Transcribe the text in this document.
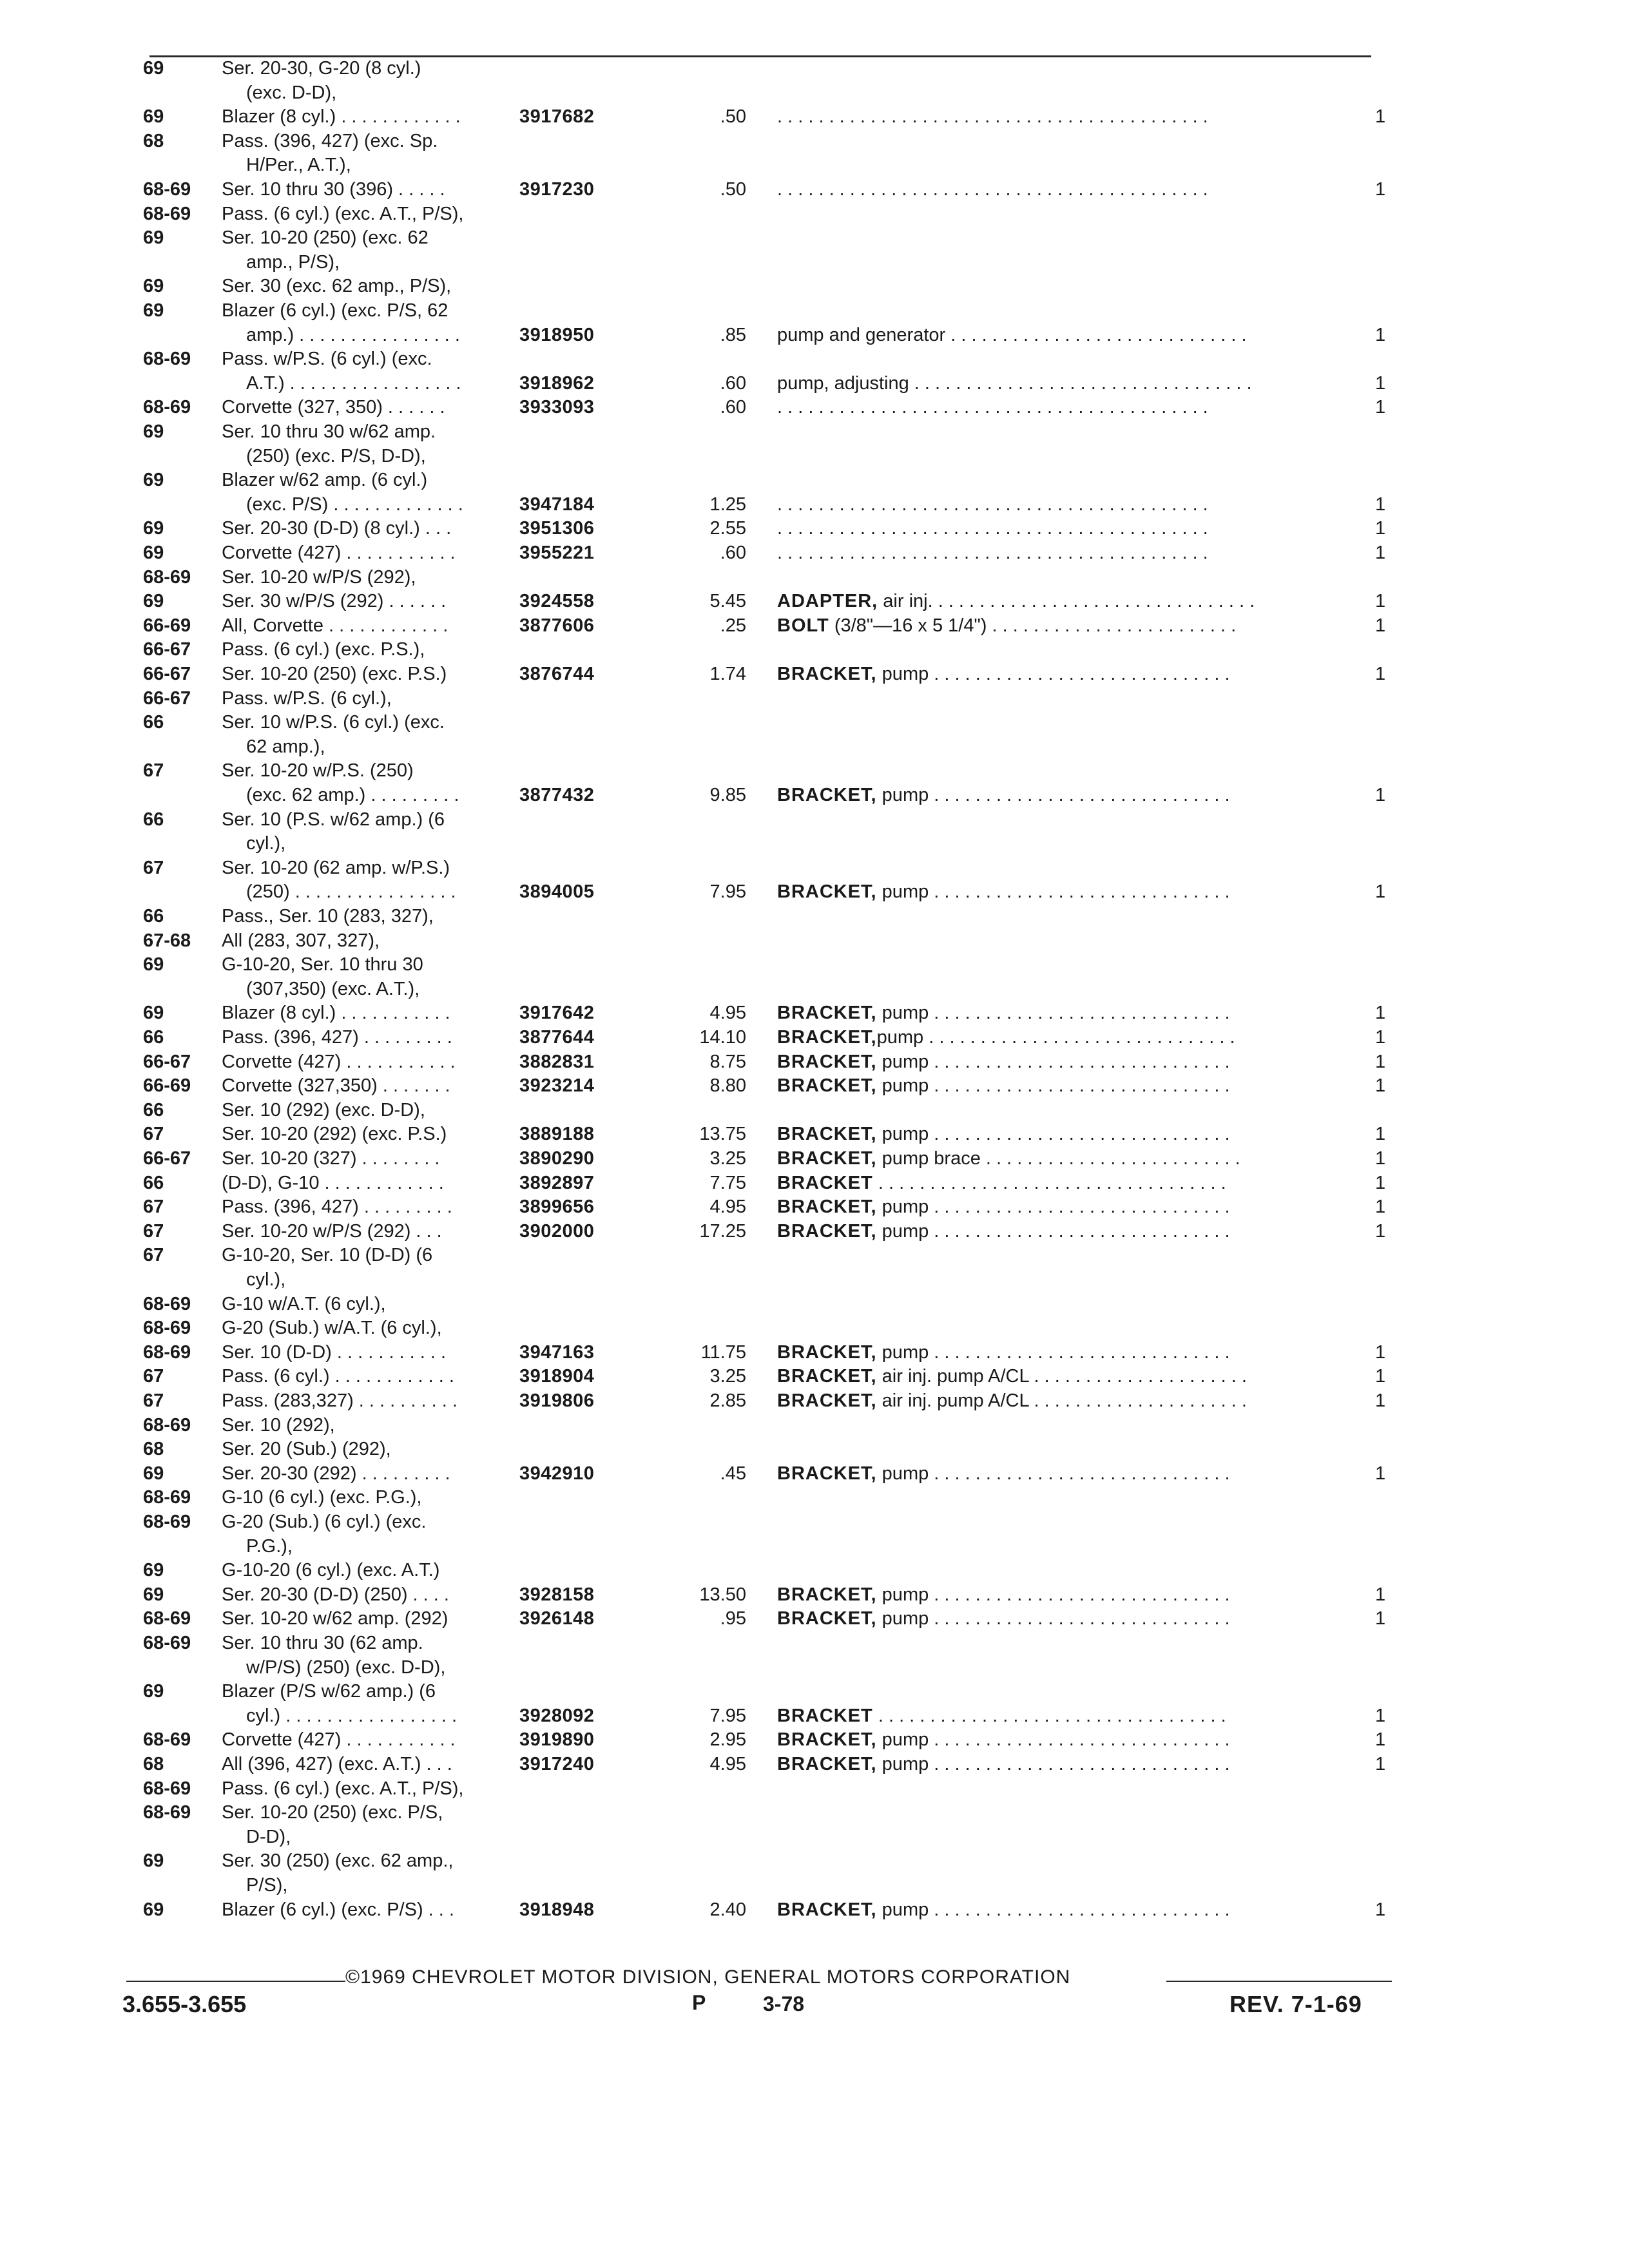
69	Ser. 20-30, G-20 (8 cyl.)
(exc. D-D),
69	Blazer (8 cyl.) . . . . . . . . . . . .	3917682	.50 . . . . . . . . . . . . . . . . . . . . . . . . . . . . . . . . . . . . . . . . . .	1
68	Pass. (396, 427) (exc. Sp.
H/Per., A.T.),
68-69	Ser. 10 thru 30 (396) . . . . .	3917230	.50 . . . . . . . . . . . . . . . . . . . . . . . . . . . . . . . . . . . . . . . . . .	1
68-69	Pass. (6 cyl.) (exc. A.T., P/S),
69	Ser. 10-20 (250) (exc. 62
amp., P/S),
69	Ser. 30 (exc. 62 amp., P/S),
69	Blazer (6 cyl.) (exc. P/S, 62
amp.) . . . . . . . . . . . . . . . .	3918950	.85 pump and generator . . . . . . . . . . . . . . . . . . . . . . . . . . . . .	1
68-69	Pass. w/P.S. (6 cyl.) (exc.
A.T.) . . . . . . . . . . . . . . . . .	3918962	.60 pump, adjusting . . . . . . . . . . . . . . . . . . . . . . . . . . . . . . . . .	1
68-69	Corvette (327, 350) . . . . . .	3933093	.60 . . . . . . . . . . . . . . . . . . . . . . . . . . . . . . . . . . . . . . . . . .	1
69	Ser. 10 thru 30 w/62 amp.
(250) (exc. P/S, D-D),
69	Blazer w/62 amp. (6 cyl.)
(exc. P/S) . . . . . . . . . . . . .	3947184	1.25 . . . . . . . . . . . . . . . . . . . . . . . . . . . . . . . . . . . . . . . . . .	1
69	Ser. 20-30 (D-D) (8 cyl.) . . .	3951306	2.55 . . . . . . . . . . . . . . . . . . . . . . . . . . . . . . . . . . . . . . . . . .	1
69	Corvette (427) . . . . . . . . . . .	3955221	.60 . . . . . . . . . . . . . . . . . . . . . . . . . . . . . . . . . . . . . . . . . .	1
68-69	Ser. 10-20 w/P/S (292),
69	Ser. 30 w/P/S (292) . . . . . .	3924558	5.45 ADAPTER, air inj. . . . . . . . . . . . . . . . . . . . . . . . . . . . . . . .	1
66-69	All, Corvette . . . . . . . . . . . .	3877606	.25 BOLT (3/8"—16 x 5 1/4") . . . . . . . . . . . . . . . . . . . . . . . .	1
66-67	Pass. (6 cyl.) (exc. P.S.),
66-67	Ser. 10-20 (250) (exc. P.S.)	3876744	1.74 BRACKET, pump . . . . . . . . . . . . . . . . . . . . . . . . . . . . .	1
66-67	Pass. w/P.S. (6 cyl.),
66	Ser. 10 w/P.S. (6 cyl.) (exc.
62 amp.),
67	Ser. 10-20 w/P.S. (250)
(exc. 62 amp.) . . . . . . . . .	3877432	9.85 BRACKET, pump . . . . . . . . . . . . . . . . . . . . . . . . . . . . .	1
66	Ser. 10 (P.S. w/62 amp.) (6
cyl.),
67	Ser. 10-20 (62 amp. w/P.S.)
(250) . . . . . . . . . . . . . . . .	3894005	7.95 BRACKET, pump . . . . . . . . . . . . . . . . . . . . . . . . . . . . .	1
66	Pass., Ser. 10 (283, 327),
67-68	All (283, 307, 327),
69	G-10-20, Ser. 10 thru 30
(307,350) (exc. A.T.),
69	Blazer (8 cyl.) . . . . . . . . . . .	3917642	4.95 BRACKET, pump . . . . . . . . . . . . . . . . . . . . . . . . . . . . .	1
66	Pass. (396, 427) . . . . . . . . .	3877644	14.10 BRACKET,pump . . . . . . . . . . . . . . . . . . . . . . . . . . . . . .	1
66-67	Corvette (427) . . . . . . . . . . .	3882831	8.75 BRACKET, pump . . . . . . . . . . . . . . . . . . . . . . . . . . . . .	1
66-69	Corvette (327,350) . . . . . . .	3923214	8.80 BRACKET, pump . . . . . . . . . . . . . . . . . . . . . . . . . . . . .	1
66	Ser. 10 (292) (exc. D-D),
67	Ser. 10-20 (292) (exc. P.S.)	3889188	13.75 BRACKET, pump . . . . . . . . . . . . . . . . . . . . . . . . . . . . .	1
66-67	Ser. 10-20 (327) . . . . . . . .	3890290	3.25 BRACKET, pump brace . . . . . . . . . . . . . . . . . . . . . . . . .	1
66	(D-D), G-10 . . . . . . . . . . . .	3892897	7.75 BRACKET . . . . . . . . . . . . . . . . . . . . . . . . . . . . . . . . . .	1
67	Pass. (396, 427) . . . . . . . . .	3899656	4.95 BRACKET, pump . . . . . . . . . . . . . . . . . . . . . . . . . . . . .	1
67	Ser. 10-20 w/P/S (292) . . .	3902000	17.25 BRACKET, pump . . . . . . . . . . . . . . . . . . . . . . . . . . . . .	1
67	G-10-20, Ser. 10 (D-D) (6
cyl.),
68-69	G-10 w/A.T. (6 cyl.),
68-69	G-20 (Sub.) w/A.T. (6 cyl.),
68-69	Ser. 10 (D-D) . . . . . . . . . . .	3947163	11.75 BRACKET, pump . . . . . . . . . . . . . . . . . . . . . . . . . . . . .	1
67	Pass. (6 cyl.) . . . . . . . . . . . .	3918904	3.25 BRACKET, air inj. pump A/CL . . . . . . . . . . . . . . . . . . . . .	1
67	Pass. (283,327) . . . . . . . . . .	3919806	2.85 BRACKET, air inj. pump A/CL . . . . . . . . . . . . . . . . . . . . .	1
68-69	Ser. 10 (292),
68	Ser. 20 (Sub.) (292),
69	Ser. 20-30 (292) . . . . . . . . .	3942910	.45 BRACKET, pump . . . . . . . . . . . . . . . . . . . . . . . . . . . . .	1
68-69	G-10 (6 cyl.) (exc. P.G.),
68-69	G-20 (Sub.) (6 cyl.) (exc.
P.G.),
69	G-10-20 (6 cyl.) (exc. A.T.)
69	Ser. 20-30 (D-D) (250) . . . .	3928158	13.50 BRACKET, pump . . . . . . . . . . . . . . . . . . . . . . . . . . . . .	1
68-69	Ser. 10-20 w/62 amp. (292)	3926148	.95 BRACKET, pump . . . . . . . . . . . . . . . . . . . . . . . . . . . . .	1
68-69	Ser. 10 thru 30 (62 amp.
w/P/S) (250) (exc. D-D),
69	Blazer (P/S w/62 amp.) (6
cyl.) . . . . . . . . . . . . . . . . .	3928092	7.95 BRACKET . . . . . . . . . . . . . . . . . . . . . . . . . . . . . . . . . .	1
68-69	Corvette (427) . . . . . . . . . . .	3919890	2.95 BRACKET, pump . . . . . . . . . . . . . . . . . . . . . . . . . . . . .	1
68	All (396, 427) (exc. A.T.) . . .	3917240	4.95 BRACKET, pump . . . . . . . . . . . . . . . . . . . . . . . . . . . . .	1
68-69	Pass. (6 cyl.) (exc. A.T., P/S),
68-69	Ser. 10-20 (250) (exc. P/S,
D-D),
69	Ser. 30 (250) (exc. 62 amp.,
P/S),
69	Blazer (6 cyl.) (exc. P/S) . . .	3918948	2.40 BRACKET, pump . . . . . . . . . . . . . . . . . . . . . . . . . . . . .	1
©1969 CHEVROLET MOTOR DIVISION, GENERAL MOTORS CORPORATION
3.655-3.655	P	3-78	REV. 7-1-69
